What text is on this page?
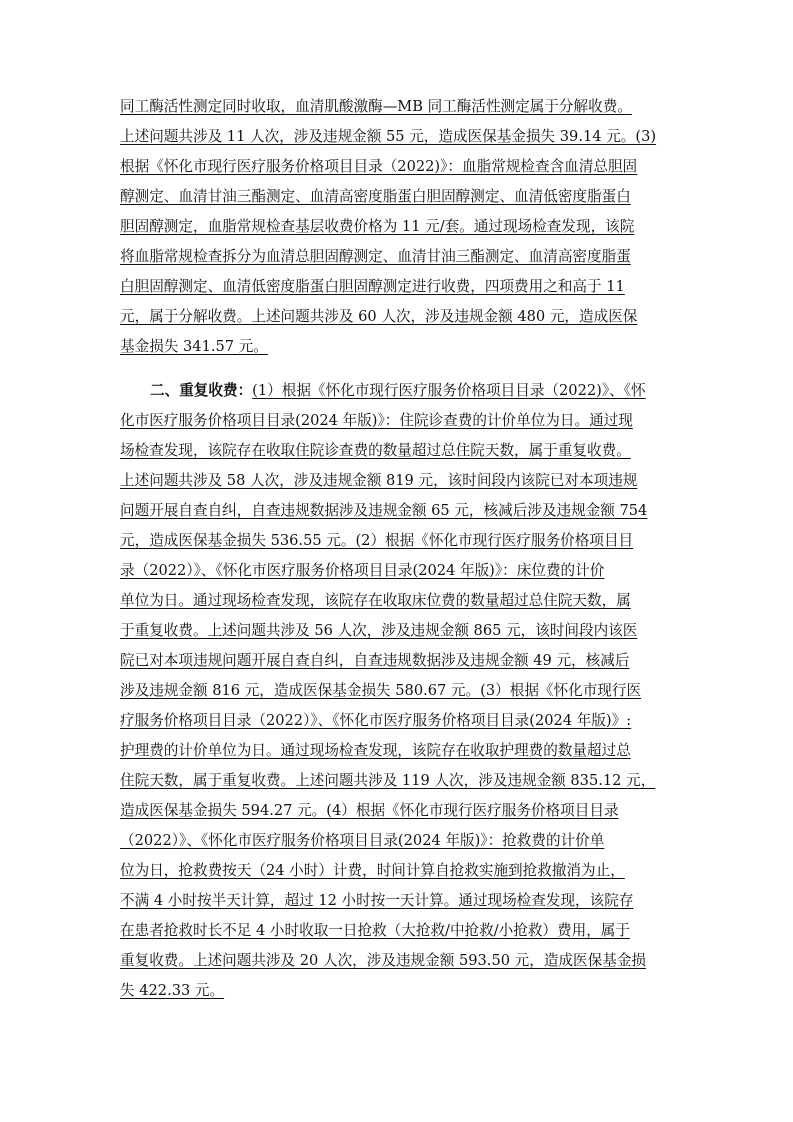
同工酶活性测定同时收取，血清肌酸激酶—MB 同工酶活性测定属于分解收费。
上述问题共涉及 11 人次，涉及违规金额 55 元，造成医保基金损失 39.14 元。(3)
根据《怀化市现行医疗服务价格项目目录（2022)》：血脂常规检查含血清总胆固
醇测定、血清甘油三酯测定、血清高密度脂蛋白胆固醇测定、血清低密度脂蛋白
胆固醇测定，血脂常规检查基层收费价格为 11 元/套。通过现场检查发现，该院
将血脂常规检查拆分为血清总胆固醇测定、血清甘油三酯测定、血清高密度脂蛋
白胆固醇测定、血清低密度脂蛋白胆固醇测定进行收费，四项费用之和高于 11
元，属于分解收费。上述问题共涉及 60 人次，涉及违规金额 480 元，造成医保
基金损失 341.57 元。
二、重复收费：(1）根据《怀化市现行医疗服务价格项目目录（2022)》、《怀
化市医疗服务价格项目目录(2024 年版)》：住院诊查费的计价单位为日。通过现
场检查发现，该院存在收取住院诊查费的数量超过总住院天数，属于重复收费。
上述问题共涉及 58 人次，涉及违规金额 819 元，该时间段内该院已对本项违规
问题开展自查自纠，自查违规数据涉及违规金额 65 元，核减后涉及违规金额 754
元，造成医保基金损失 536.55 元。(2）根据《怀化市现行医疗服务价格项目目
录（2022）》、《怀化市医疗服务价格项目目录(2024 年版)》：床位费的计价
单位为日。通过现场检查发现，该院存在收取床位费的数量超过总住院天数，属
于重复收费。上述问题共涉及 56 人次，涉及违规金额 865 元，该时间段内该医
院已对本项违规问题开展自查自纠，自查违规数据涉及违规金额 49 元，核减后
涉及违规金额 816 元，造成医保基金损失 580.67 元。(3）根据《怀化市现行医
疗服务价格项目目录（2022）》、《怀化市医疗服务价格项目目录(2024 年版)》:
护理费的计价单位为日。通过现场检查发现，该院存在收取护理费的数量超过总
住院天数，属于重复收费。上述问题共涉及 119 人次，涉及违规金额 835.12 元，
造成医保基金损失 594.27 元。(4）根据《怀化市现行医疗服务价格项目目录
（2022）》、《怀化市医疗服务价格项目目录(2024 年版)》：抢救费的计价单
位为日，抢救费按天（24 小时）计费，时间计算自抢救实施到抢救撤消为止，
不满 4 小时按半天计算，超过 12 小时按一天计算。通过现场检查发现，该院存
在患者抢救时长不足 4 小时收取一日抢救（大抢救/中抢救/小抢救）费用，属于
重复收费。上述问题共涉及 20 人次，涉及违规金额 593.50 元，造成医保基金损
失 422.33 元。
